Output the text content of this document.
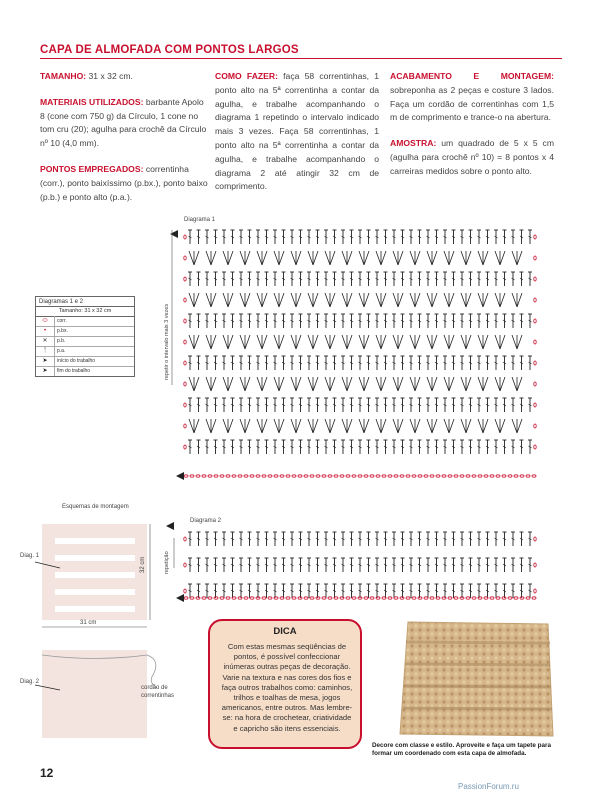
CAPA DE ALMOFADA COM PONTOS LARGOS

TAMANHO: 31 x 32 cm.

MATERIAIS UTILIZADOS: barbante Apolo 8 (cone com 750 g) da Círculo, 1 cone no tom cru (20); agulha para crochê da Círculo nº 10 (4,0 mm).

PONTOS EMPREGADOS: correntinha (corr.), ponto baixíssimo (p.bx.), ponto baixo (p.b.) e ponto alto (p.a.).

COMO FAZER: faça 58 correntinhas, 1 ponto alto na 5ª correntinha a contar da agulha, e trabalhe acompanhando o diagrama 1 repetindo o intervalo indicado mais 3 vezes. Faça 58 correntinhas, 1 ponto alto na 5ª correntinha a contar da agulha, e trabalhe acompanhando o diagrama 2 até atingir 32 cm de comprimento.

ACABAMENTO E MONTAGEM: sobreponha as 2 peças e costure 3 lados. Faça um cordão de correntinhas com 1,5 m de comprimento e trance-o na abertura.

AMOSTRA: um quadrado de 5 x 5 cm (agulha para crochê nº 10) = 8 pontos x 4 carreiras medidos sobre o ponto alto.

Diagramas 1 e 2
Tamanho: 31 x 32 cm
⬭	corr.
•	p.bx.
✕	p.b.
ᛏ	p.a.
➤	início do trabalho
➤	fim do trabalho
Diagrama 1
repetir o intervalo mais 3 vezes
Diagrama 2
repetição
Esquemas de montagem
Diag. 1
Diag. 2
32 cm
31 cm
cordão de correntinhas
DICA
Com estas mesmas seqüências de pontos, é possível confeccionar inúmeras outras peças de decoração. Varie na textura e nas cores dos fios e faça outros trabalhos como: caminhos, trilhos e toalhas de mesa, jogos americanos, entre outros. Mas lembre-se: na hora de crochetear, criatividade e capricho são itens essenciais.
Decore com classe e estilo. Aproveite e faça um tapete para formar um coordenado com esta capa de almofada.
12
PassionForum.ru
